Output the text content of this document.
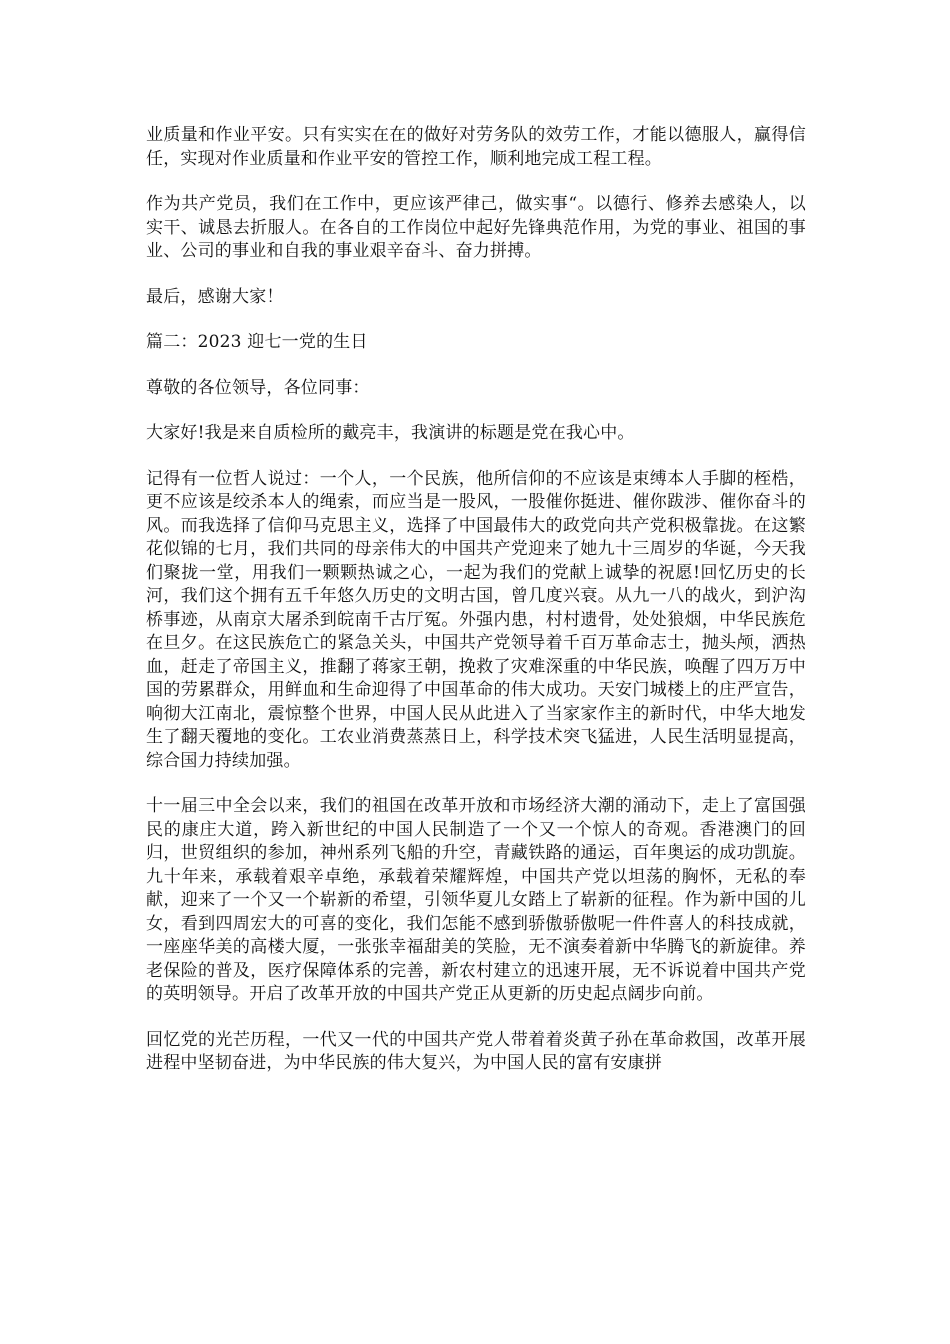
业质量和作业平安。只有实实在在的做好对劳务队的效劳工作，才能以德服人，赢得信任，实现对作业质量和作业平安的管控工作，顺利地完成工程工程。

作为共产党员，我们在工作中，更应该严律己，做实事“。以德行、修养去感染人，以实干、诚恳去折服人。在各自的工作岗位中起好先锋典范作用，为党的事业、祖国的事业、公司的事业和自我的事业艰辛奋斗、奋力拼搏。

最后，感谢大家！

篇二：2023 迎七一党的生日

尊敬的各位领导，各位同事：

大家好!我是来自质检所的戴亮丰，我演讲的标题是党在我心中。

记得有一位哲人说过：一个人，一个民族，他所信仰的不应该是束缚本人手脚的桎梏，更不应该是绞杀本人的绳索，而应当是一股风，一股催你挺进、催你跋涉、催你奋斗的风。而我选择了信仰马克思主义，选择了中国最伟大的政党向共产党积极靠拢。在这繁花似锦的七月，我们共同的母亲伟大的中国共产党迎来了她九十三周岁的华诞，今天我们聚拢一堂，用我们一颗颗热诚之心，一起为我们的党献上诚挚的祝愿!回忆历史的长河，我们这个拥有五千年悠久历史的文明古国，曾几度兴衰。从九一八的战火，到沪沟桥事迹，从南京大屠杀到皖南千古厅冤。外强内患，村村遗骨，处处狼烟，中华民族危在旦夕。在这民族危亡的紧急关头，中国共产党领导着千百万革命志士，抛头颅，洒热血，赶走了帝国主义，推翻了蒋家王朝，挽救了灾难深重的中华民族，唤醒了四万万中国的劳累群众，用鲜血和生命迎得了中国革命的伟大成功。天安门城楼上的庄严宣告，响彻大江南北，震惊整个世界，中国人民从此进入了当家家作主的新时代，中华大地发生了翻天覆地的变化。工农业消费蒸蒸日上，科学技术突飞猛进，人民生活明显提高，综合国力持续加强。

十一届三中全会以来，我们的祖国在改革开放和市场经济大潮的涌动下，走上了富国强民的康庄大道，跨入新世纪的中国人民制造了一个又一个惊人的奇观。香港澳门的回归，世贸组织的参加，神州系列飞船的升空，青藏铁路的通运，百年奥运的成功凯旋。九十年来，承载着艰辛卓绝，承载着荣耀辉煌，中国共产党以坦荡的胸怀，无私的奉献，迎来了一个又一个崭新的希望，引领华夏儿女踏上了崭新的征程。作为新中国的儿女，看到四周宏大的可喜的变化，我们怎能不感到骄傲骄傲呢一件件喜人的科技成就，一座座华美的高楼大厦，一张张幸福甜美的笑脸，无不演奏着新中华腾飞的新旋律。养老保险的普及，医疗保障体系的完善，新农村建立的迅速开展，无不诉说着中国共产党的英明领导。开启了改革开放的中国共产党正从更新的历史起点阔步向前。

回忆党的光芒历程，一代又一代的中国共产党人带着着炎黄子孙在革命救国，改革开展进程中坚韧奋进，为中华民族的伟大复兴，为中国人民的富有安康拼
